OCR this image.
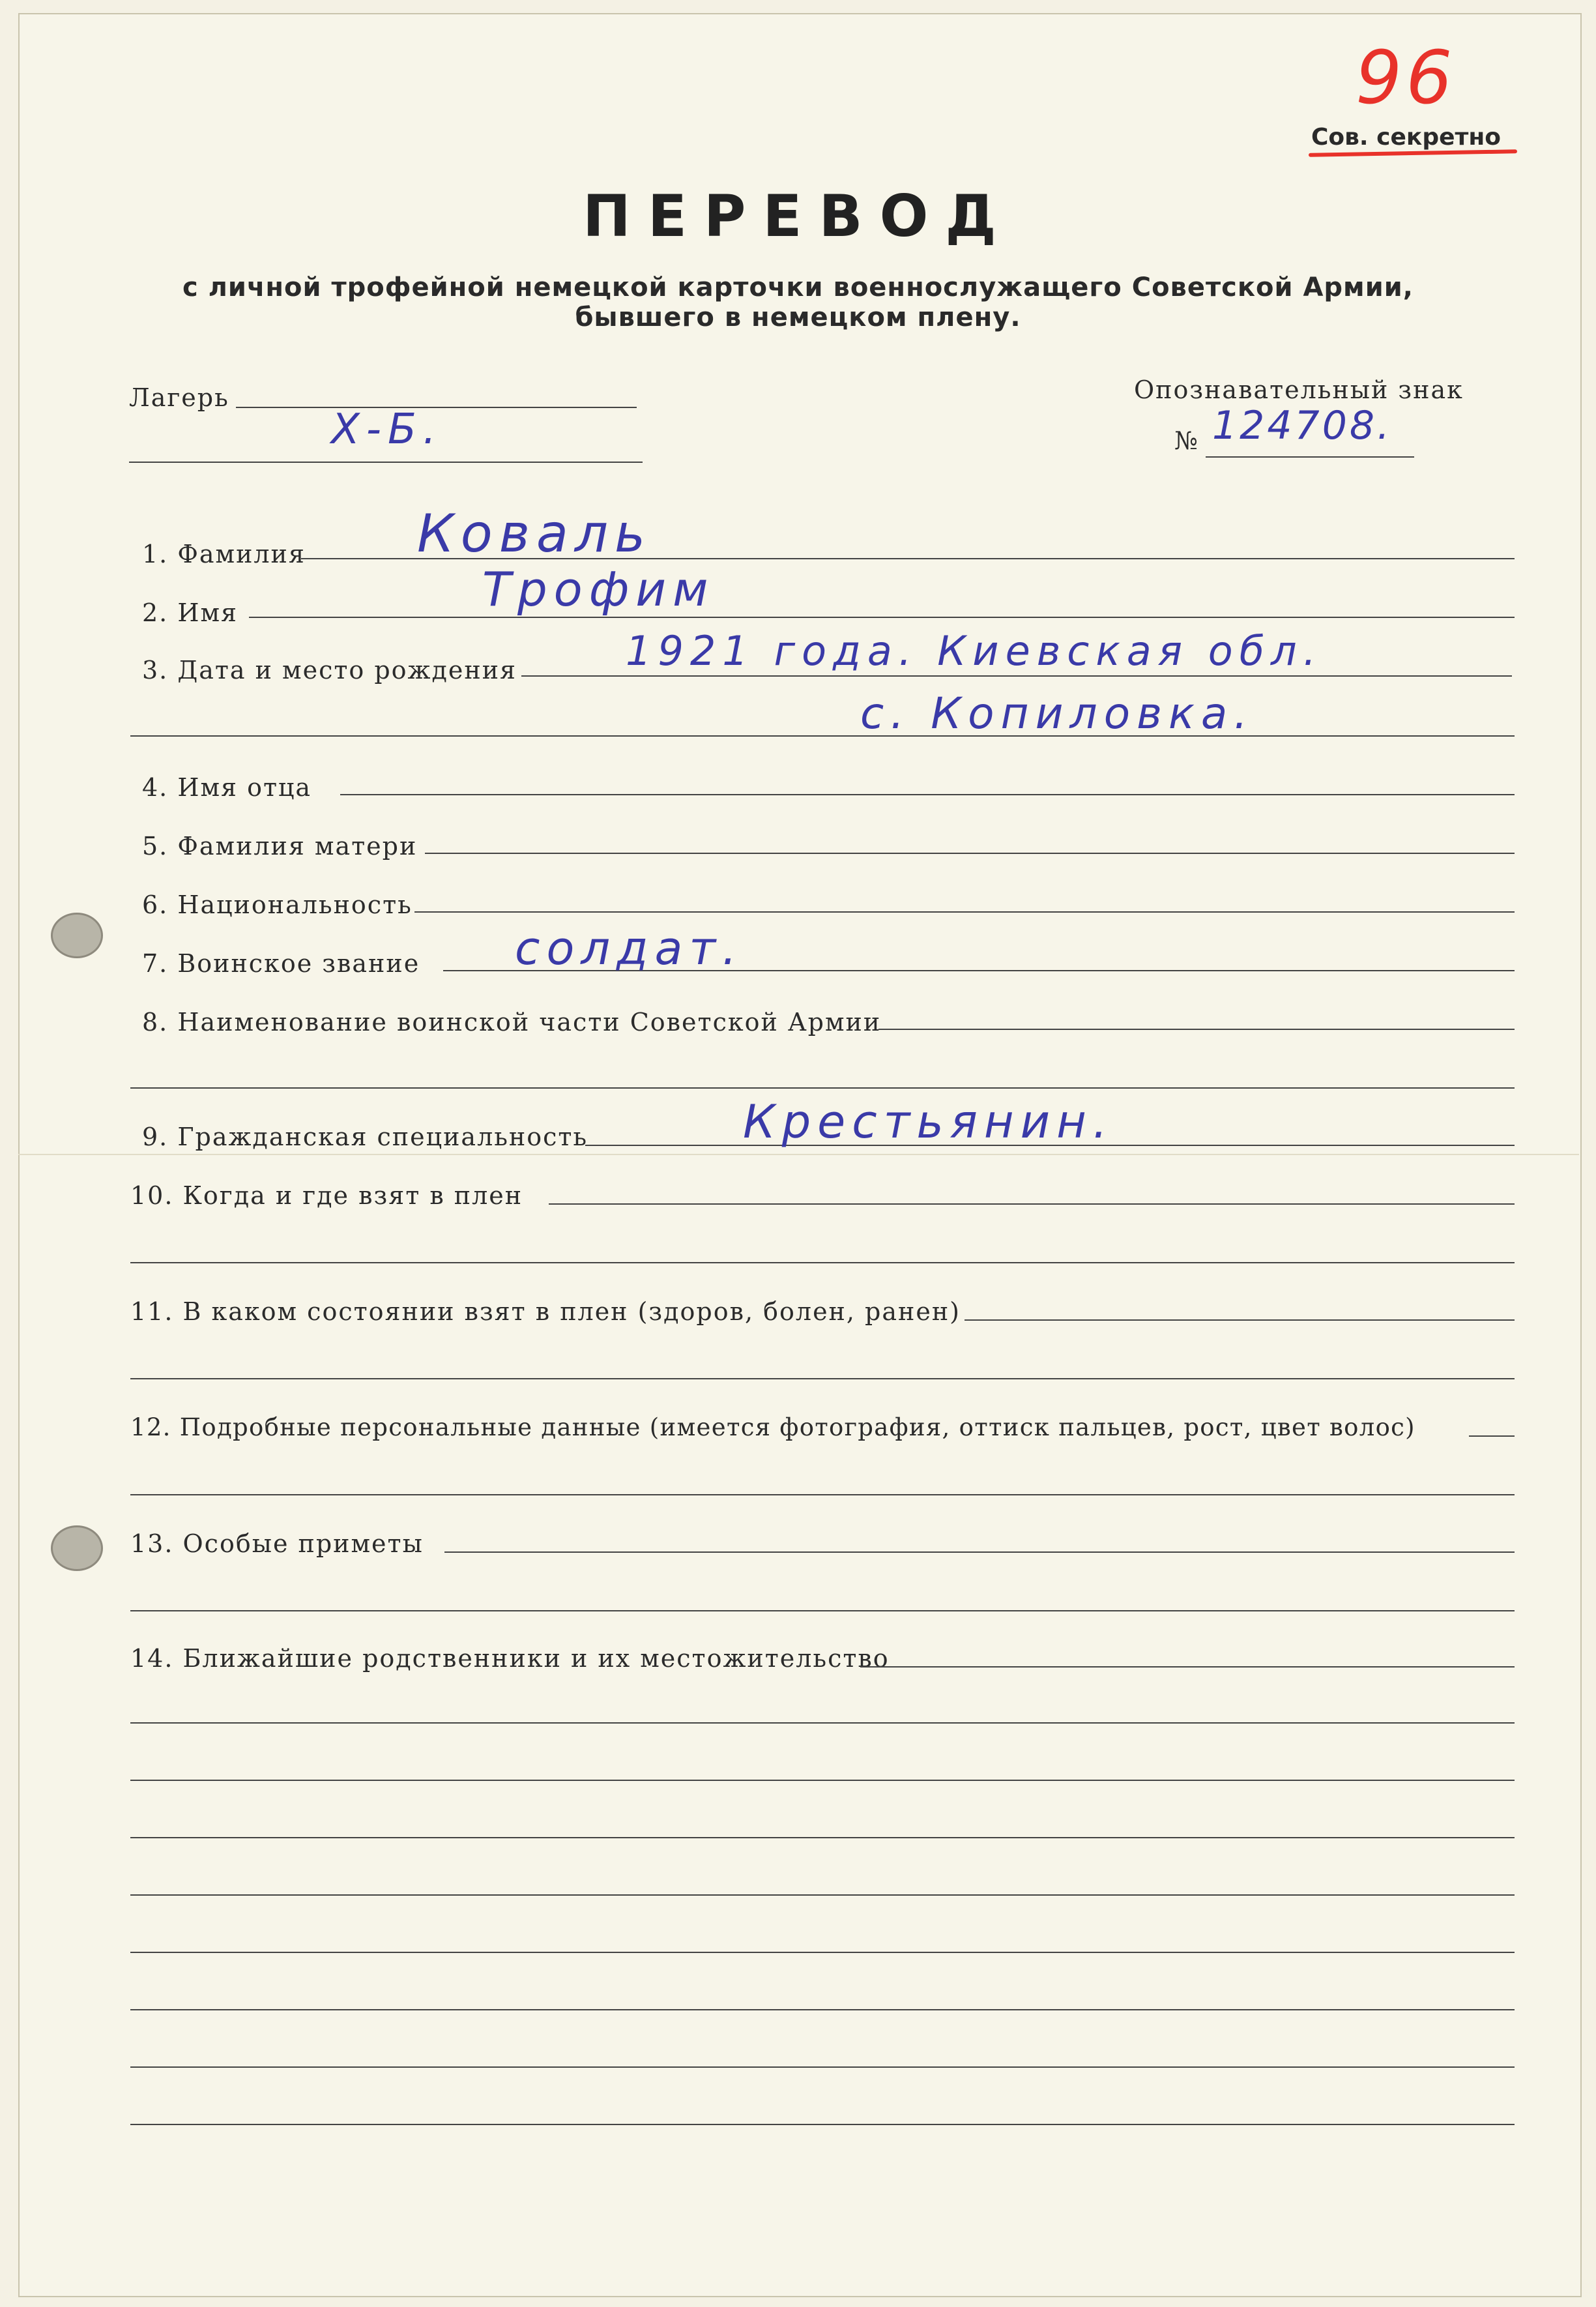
96
Сов. секретно
ПЕРЕВОД
с личной трофейной немецкой карточки военнослужащего Советской Армии,
бывшего в немецком плену.
Лагерь
Х-Б.
Опознавательный знак
№ 124708.
1. Фамилия Коваль
2. Имя	Трофим
3. Дата и место рождения	1921 года. Киевская обл.
с. Копиловка.
4. Имя отца
5. Фамилия матери
6. Национальность
7. Воинское звание солдат.
8. Наименование воинской части Советской Армии
9. Гражданская специальность	Крестьянин.
10. Когда и где взят в плен
11. В каком состоянии взят в плен (здоров, болен, ранен)
12. Подробные персональные данные (имеется фотография, оттиск пальцев, рост, цвет волос)
13. Особые приметы
14. Ближайшие родственники и их местожительство
